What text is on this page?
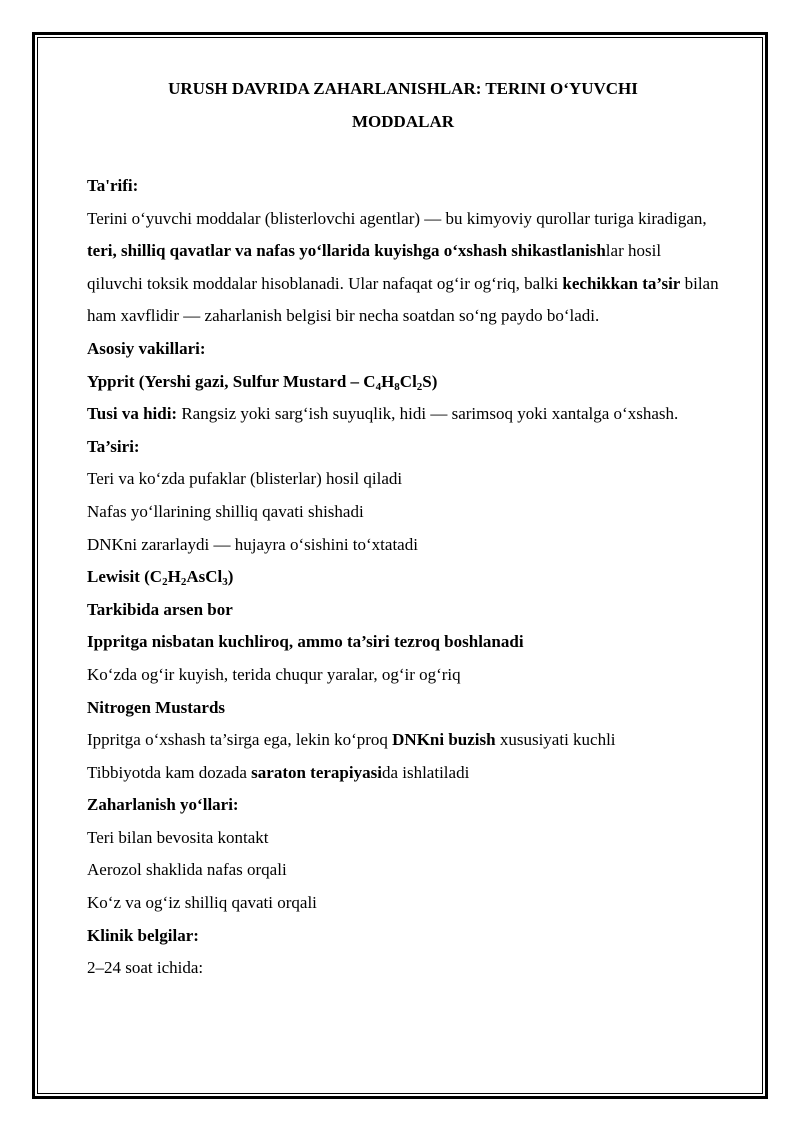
URUSH DAVRIDA ZAHARLANISHLAR: TERINI O‘YUVCHI
MODDALAR

Ta'rifi:

Terini o‘yuvchi moddalar (blisterlovchi agentlar) — bu kimyoviy qurollar turiga kiradigan, teri, shilliq qavatlar va nafas yo‘llarida kuyishga o‘xshash shikastlanishlar hosil qiluvchi toksik moddalar hisoblanadi. Ular nafaqat og‘ir og‘riq, balki kechikkan ta’sir bilan ham xavflidir — zaharlanish belgisi bir necha soatdan so‘ng paydo bo‘ladi.

Asosiy vakillari:

Ypprit (Yershi gazi, Sulfur Mustard – $C_4H_8Cl_2S$)

Tusi va hidi: Rangsiz yoki sarg‘ish suyuqlik, hidi — sarimsoq yoki xantalga o‘xshash.

Ta’siri:

Teri va ko‘zda pufaklar (blisterlar) hosil qiladi

Nafas yo‘llarining shilliq qavati shishadi

DNKni zararlaydi — hujayra o‘sishini to‘xtatadi

Lewisit $(C_2H_2AsCl_3)$

Tarkibida arsen bor

Ippritga nisbatan kuchliroq, ammo ta’siri tezroq boshlanadi

Ko‘zda og‘ir kuyish, terida chuqur yaralar, og‘ir og‘riq

Nitrogen Mustards

Ippritga o‘xshash ta’sirga ega, lekin ko‘proq DNKni buzish xususiyati kuchli

Tibbiyotda kam dozada saraton terapiyasida ishlatiladi

Zaharlanish yo‘llari:

Teri bilan bevosita kontakt

Aerozol shaklida nafas orqali

Ko‘z va og‘iz shilliq qavati orqali

Klinik belgilar:

2–24 soat ichida:
